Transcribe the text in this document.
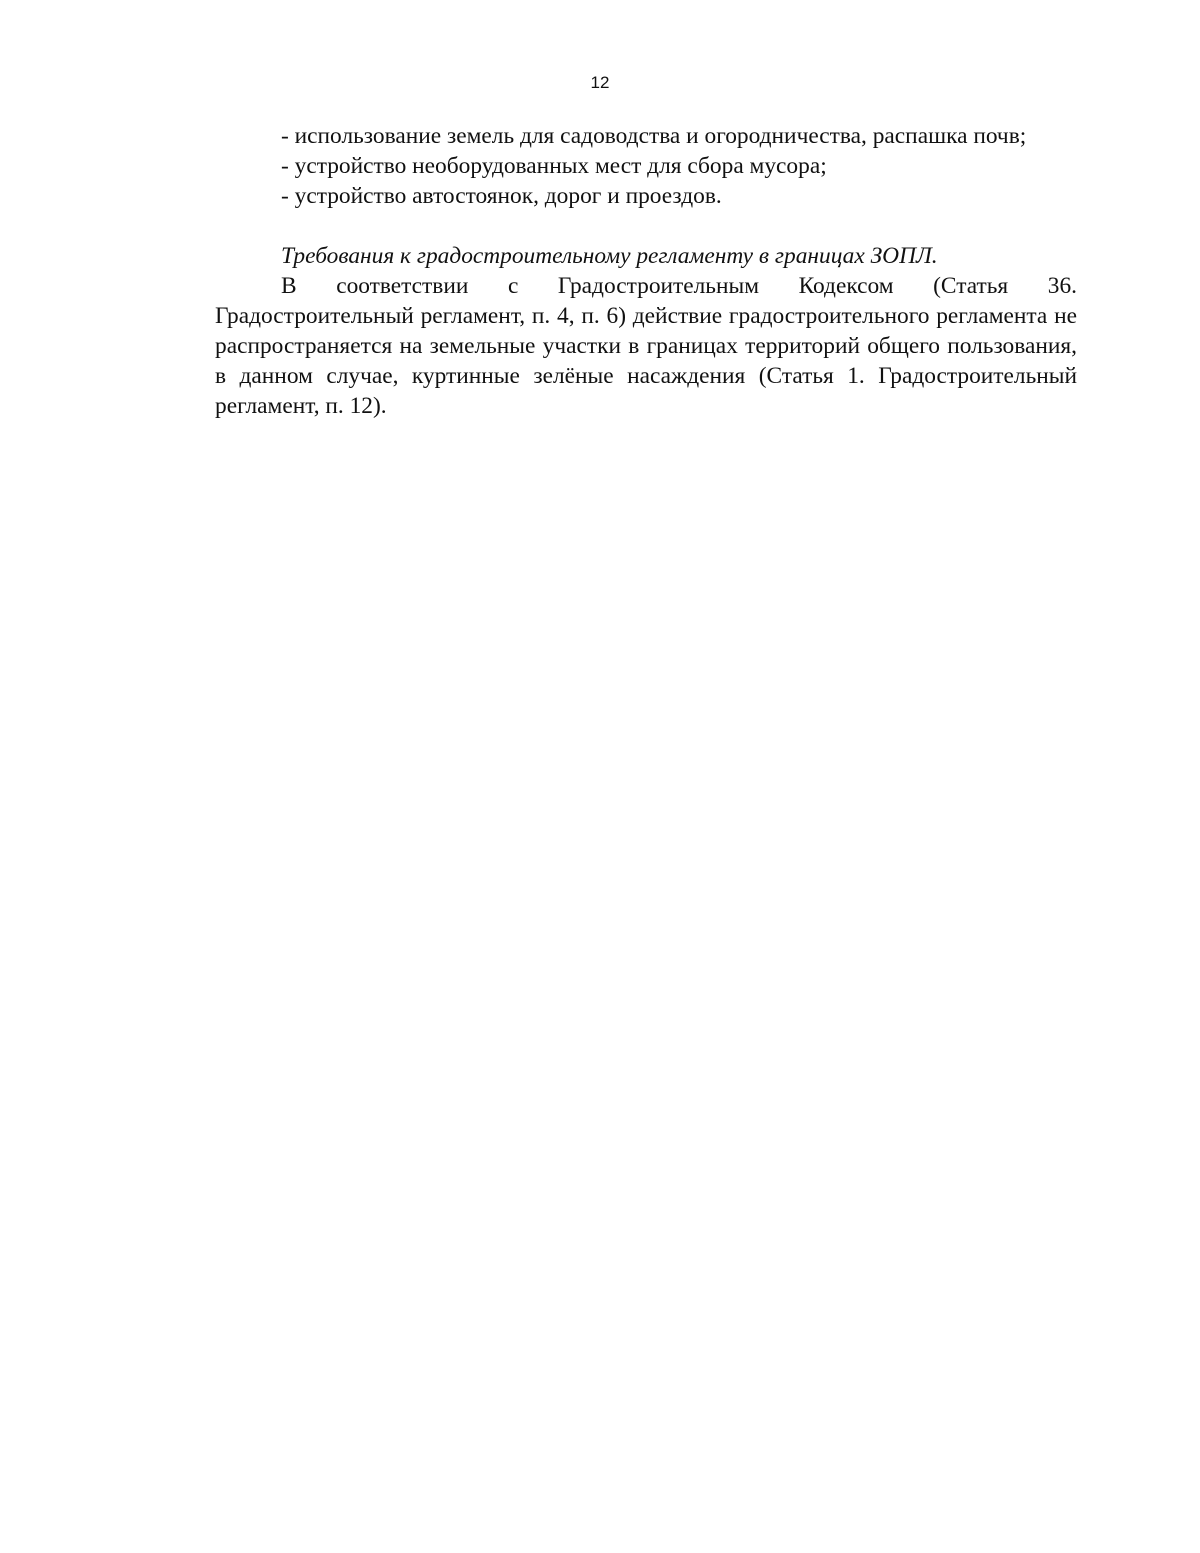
12

- использование земель для садоводства и огородничества, распашка почв;

- устройство необорудованных мест для сбора мусора;

- устройство автостоянок, дорог и проездов.

Требования к градостроительному регламенту в границах ЗОПЛ.

В соответствии с Градостроительным Кодексом (Статья 36. Градостроительный регламент, п. 4, п. 6) действие градостроительного регламента не распространяется на земельные участки в границах территорий общего пользования, в данном случае, куртинные зелёные насаждения (Статья 1. Градостроительный регламент, п. 12).
